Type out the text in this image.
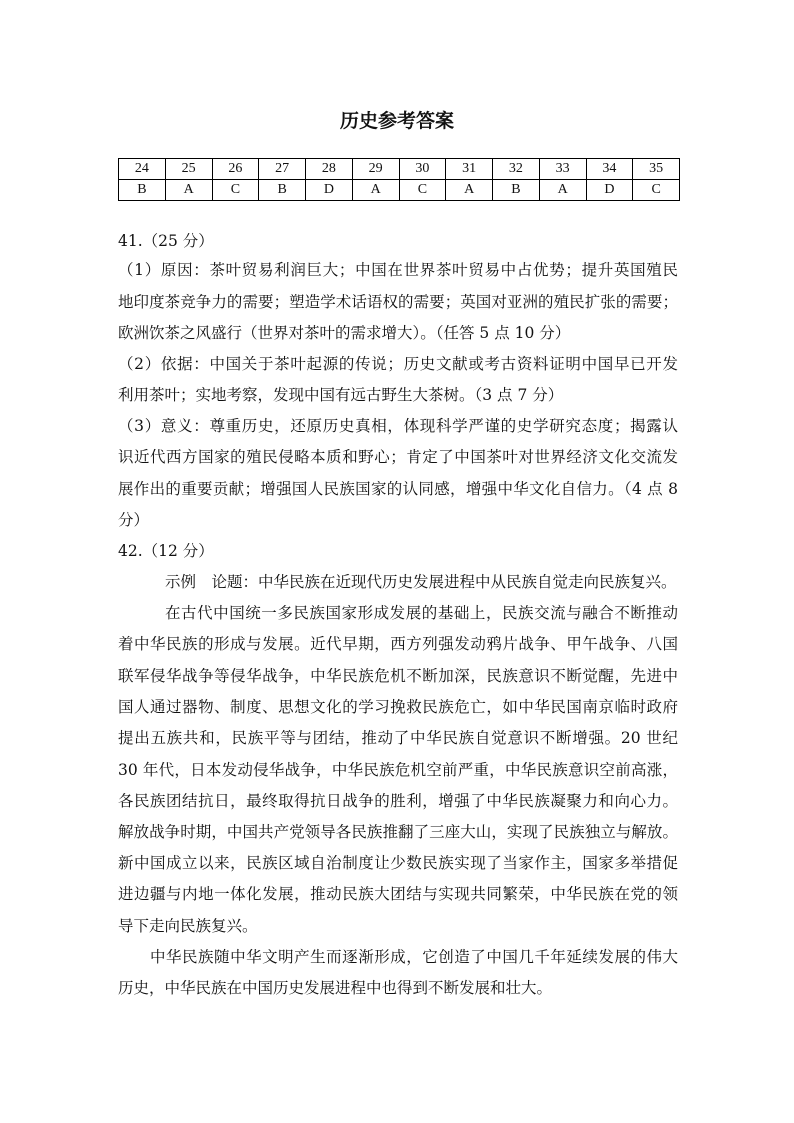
历史参考答案
24	25	26	27	28	29	30	31	32	33	34	35
B	A	C	B	D	A	C	A	B	A	D	C
41.（25 分）
（1）原因：茶叶贸易利润巨大；中国在世界茶叶贸易中占优势；提升英国殖民
地印度茶竞争力的需要；塑造学术话语权的需要；英国对亚洲的殖民扩张的需要；
欧洲饮茶之风盛行（世界对茶叶的需求增大）。（任答 5 点 10 分）
（2）依据：中国关于茶叶起源的传说；历史文献或考古资料证明中国早已开发
利用茶叶；实地考察，发现中国有远古野生大茶树。（3 点 7 分）
（3）意义：尊重历史，还原历史真相，体现科学严谨的史学研究态度；揭露认
识近代西方国家的殖民侵略本质和野心；肯定了中国茶叶对世界经济文化交流发
展作出的重要贡献；增强国人民族国家的认同感，增强中华文化自信力。（4 点 8
分）
42.（12 分）
示例　论题：中华民族在近现代历史发展进程中从民族自觉走向民族复兴。
在古代中国统一多民族国家形成发展的基础上，民族交流与融合不断推动
着中华民族的形成与发展。近代早期，西方列强发动鸦片战争、甲午战争、八国
联军侵华战争等侵华战争，中华民族危机不断加深，民族意识不断觉醒，先进中
国人通过器物、制度、思想文化的学习挽救民族危亡，如中华民国南京临时政府
提出五族共和，民族平等与团结，推动了中华民族自觉意识不断增强。20 世纪
30 年代，日本发动侵华战争，中华民族危机空前严重，中华民族意识空前高涨，
各民族团结抗日，最终取得抗日战争的胜利，增强了中华民族凝聚力和向心力。
解放战争时期，中国共产党领导各民族推翻了三座大山，实现了民族独立与解放。
新中国成立以来，民族区域自治制度让少数民族实现了当家作主，国家多举措促
进边疆与内地一体化发展，推动民族大团结与实现共同繁荣，中华民族在党的领
导下走向民族复兴。
中华民族随中华文明产生而逐渐形成，它创造了中国几千年延续发展的伟大
历史，中华民族在中国历史发展进程中也得到不断发展和壮大。
